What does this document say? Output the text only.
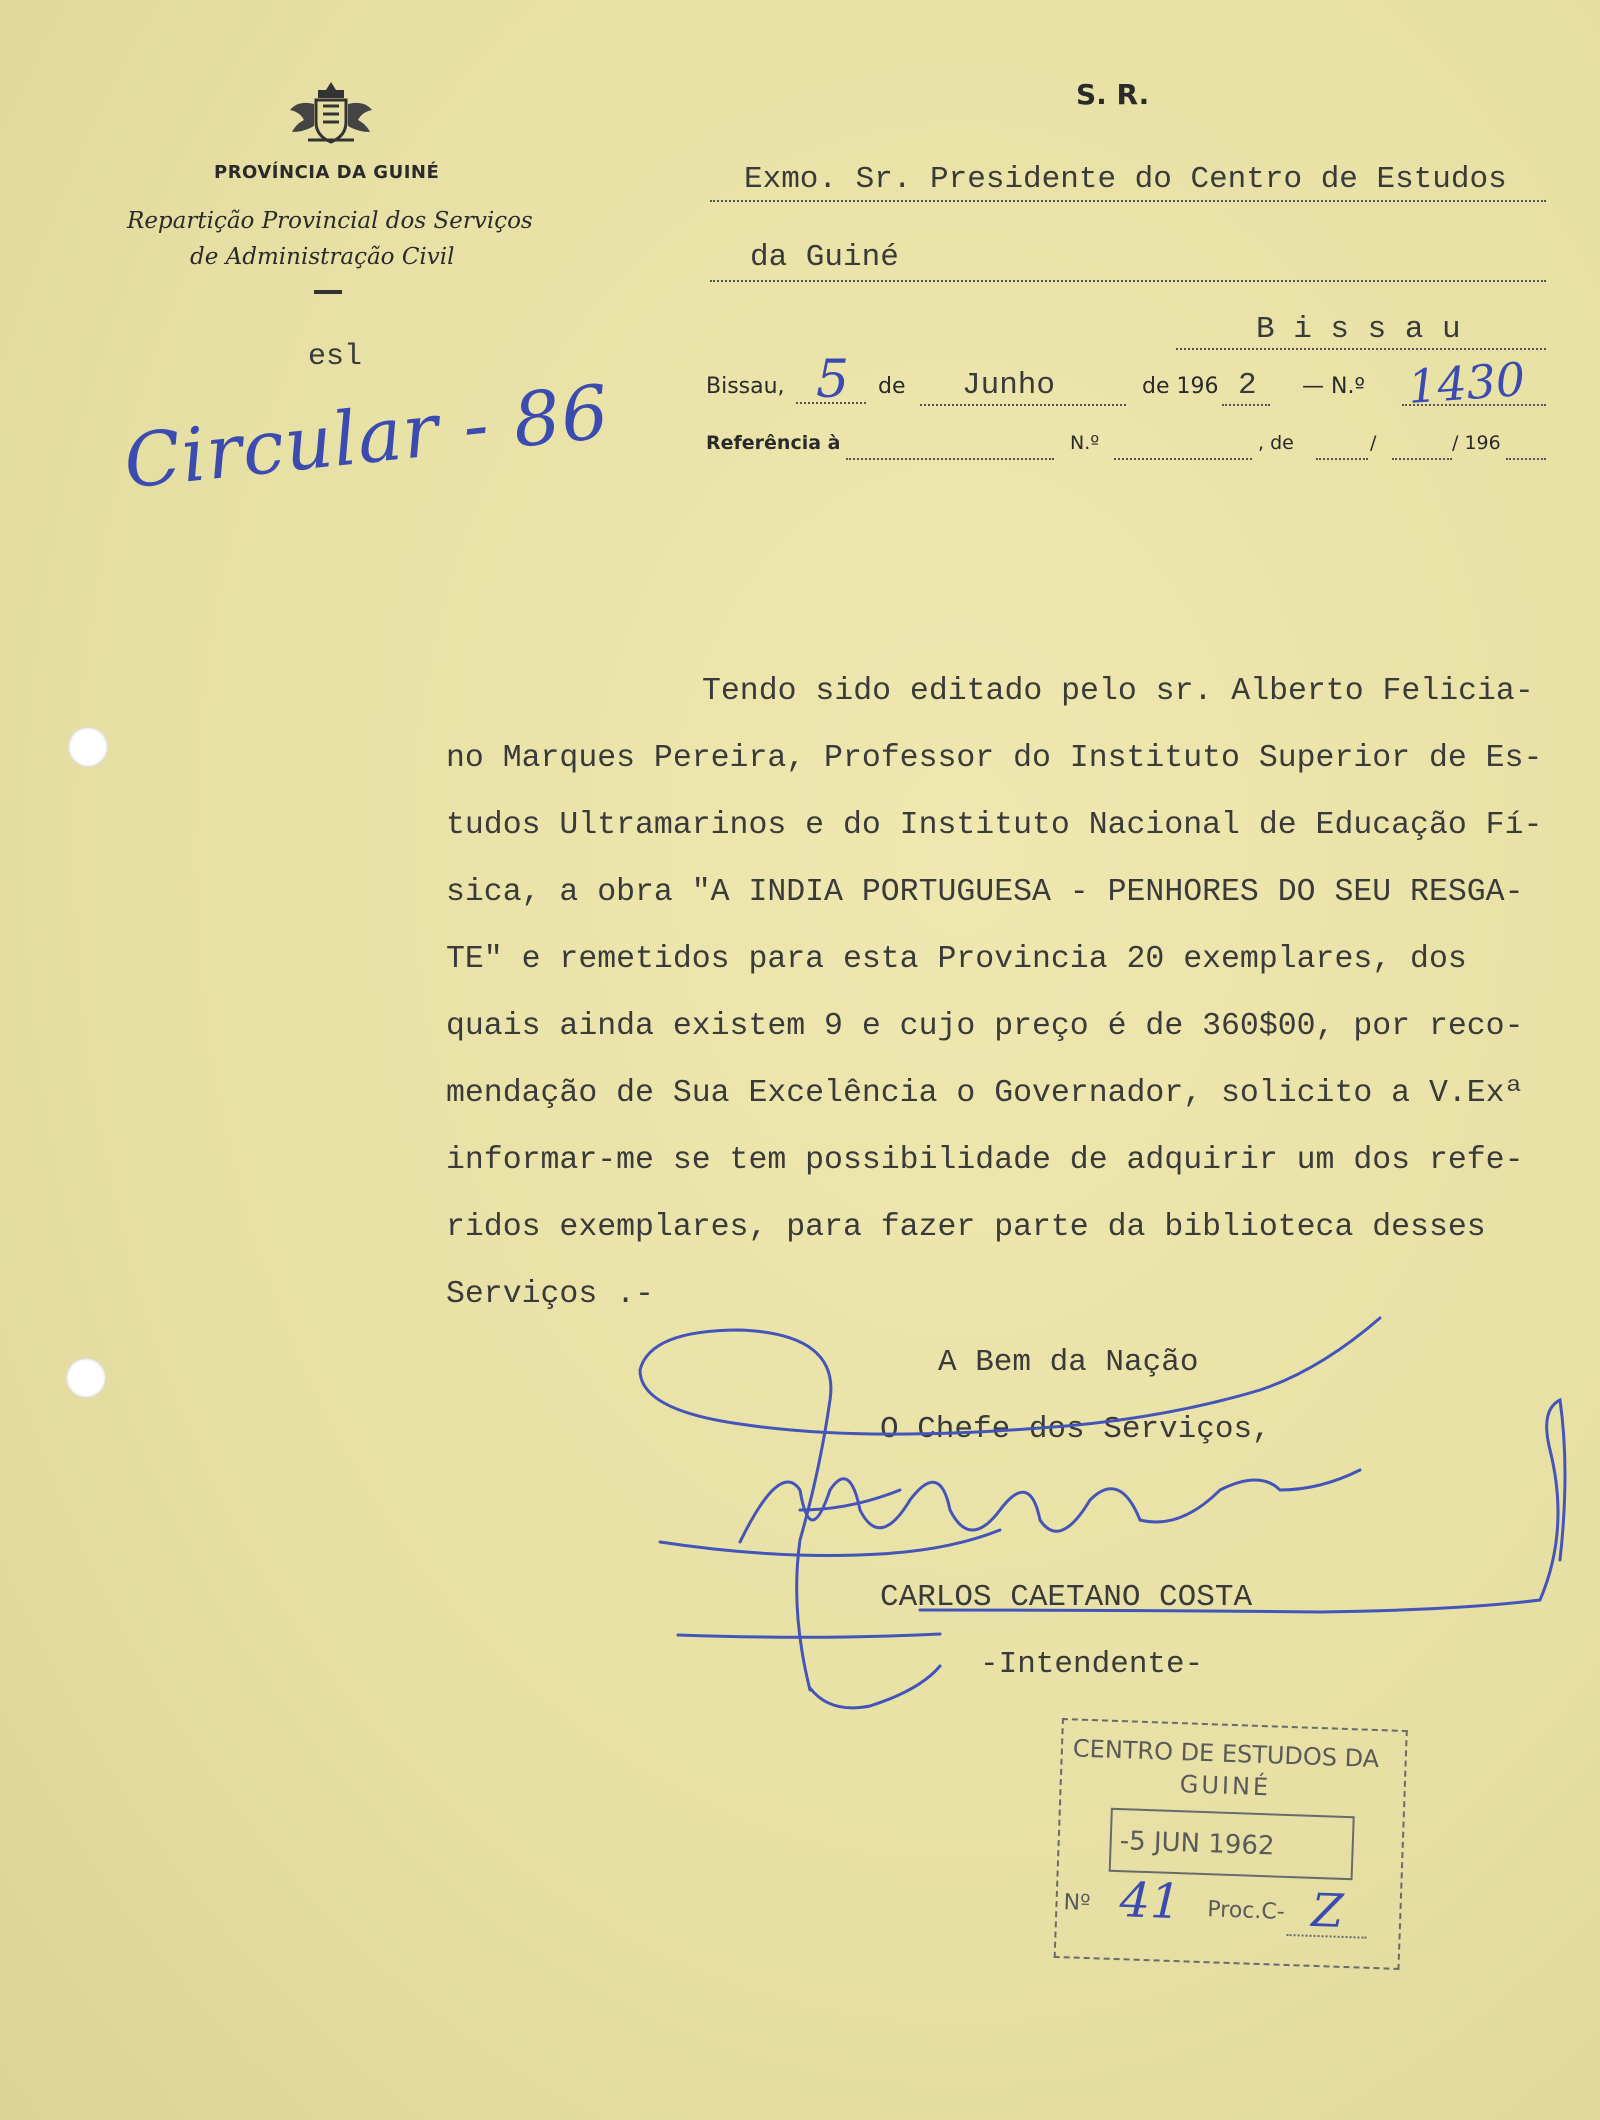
PROVÍNCIA DA GUINÉ
Repartição Provincial dos Serviços
de Administração Civil
esl
Circular - 86
S. R.
Exmo. Sr. Presidente do Centro de Estudos
da Guiné
B i s s a u
Bissau, 5 de Junho	de 196 2 — N.º 1430
Referência à	N.º	, de	/	/ 196
Tendo sido editado pelo sr. Alberto Felicia-
no Marques Pereira, Professor do Instituto Superior de Es-
tudos Ultramarinos e do Instituto Nacional de Educação Fí-
sica, a obra "A INDIA PORTUGUESA - PENHORES DO SEU RESGA-
TE" e remetidos para esta Provincia 20 exemplares, dos
quais ainda existem 9 e cujo preço é de 360$00, por reco-
mendação de Sua Excelência o Governador, solicito a V.Exª
informar-me se tem possibilidade de adquirir um dos refe-
ridos exemplares, para fazer parte da biblioteca desses
Serviços .-
A Bem da Nação
O Chefe dos Serviços,
CARLOS CAETANO COSTA
-Intendente-
CENTRO DE ESTUDOS DA
GUINÉ
-5 JUN 1962
Nº 41 Proc.C- Z
